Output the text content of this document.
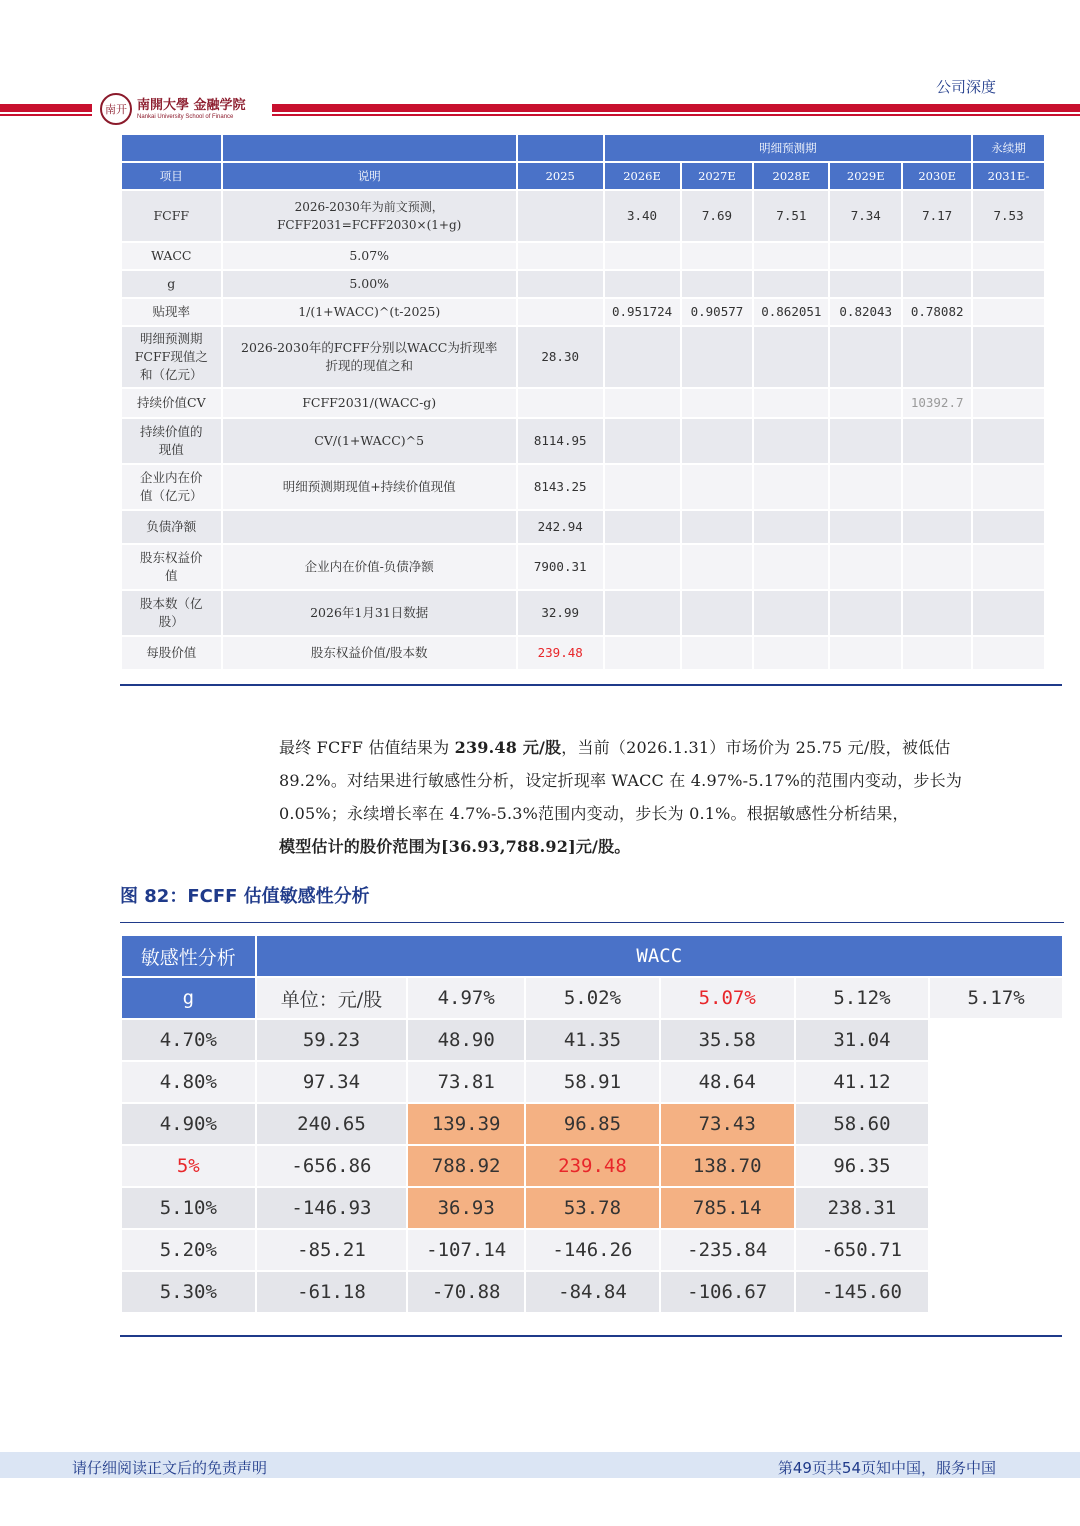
公司深度
南开 南開大學 金融学院
Nankai University School of Finance
			明细预测期					永续期
项目	说明	2025	2026E	2027E	2028E	2029E	2030E	2031E-
FCFF	2026-2030年为前文预测，
FCFF2031=FCFF2030×(1+g)		3.40	7.69	7.51	7.34	7.17	7.53
WACC	5.07%							
g	5.00%							
贴现率	1/(1+WACC)^(t-2025)		0.951724	0.90577	0.862051	0.82043	0.78082	
明细预测期
FCFF现值之
和（亿元）	2026-2030年的FCFF分别以WACC为折现率
折现的现值之和	28.30						
持续价值CV	FCFF2031/(WACC-g)						10392.7	
持续价值的
现值	CV/(1+WACC)^5	8114.95						
企业内在价
值（亿元）	明细预测期现值+持续价值现值	8143.25						
负债净额		242.94						
股东权益价
值	企业内在价值-负债净额	7900.31						
股本数（亿
股）	2026年1月31日数据	32.99						
每股价值	股东权益价值/股本数	239.48						
最终 FCFF 估值结果为 239.48 元/股，当前（2026.1.31）市场价为 25.75 元/股，被低估 89.2%。对结果进行敏感性分析，设定折现率 WACC 在 4.97%-5.17%的范围内变动，步长为 0.05%；永续增长率在 4.7%-5.3%范围内变动，步长为 0.1%。根据敏感性分析结果，
模型估计的股价范围为[36.93,788.92]元/股。
图 82：FCFF 估值敏感性分析
敏感性分析	WACC					
g	单位：元/股	4.97%	5.02%	5.07%	5.12%	5.17%
4.70%	59.23	48.90	41.35	35.58	31.04	
4.80%	97.34	73.81	58.91	48.64	41.12	
4.90%	240.65	139.39	96.85	73.43	58.60	
5%	-656.86	788.92	239.48	138.70	96.35	
5.10%	-146.93	36.93	53.78	785.14	238.31	
5.20%	-85.21	-107.14	-146.26	-235.84	-650.71	
5.30%	-61.18	-70.88	-84.84	-106.67	-145.60	
请仔细阅读正文后的免责声明	第49页共54页知中国，服务中国
